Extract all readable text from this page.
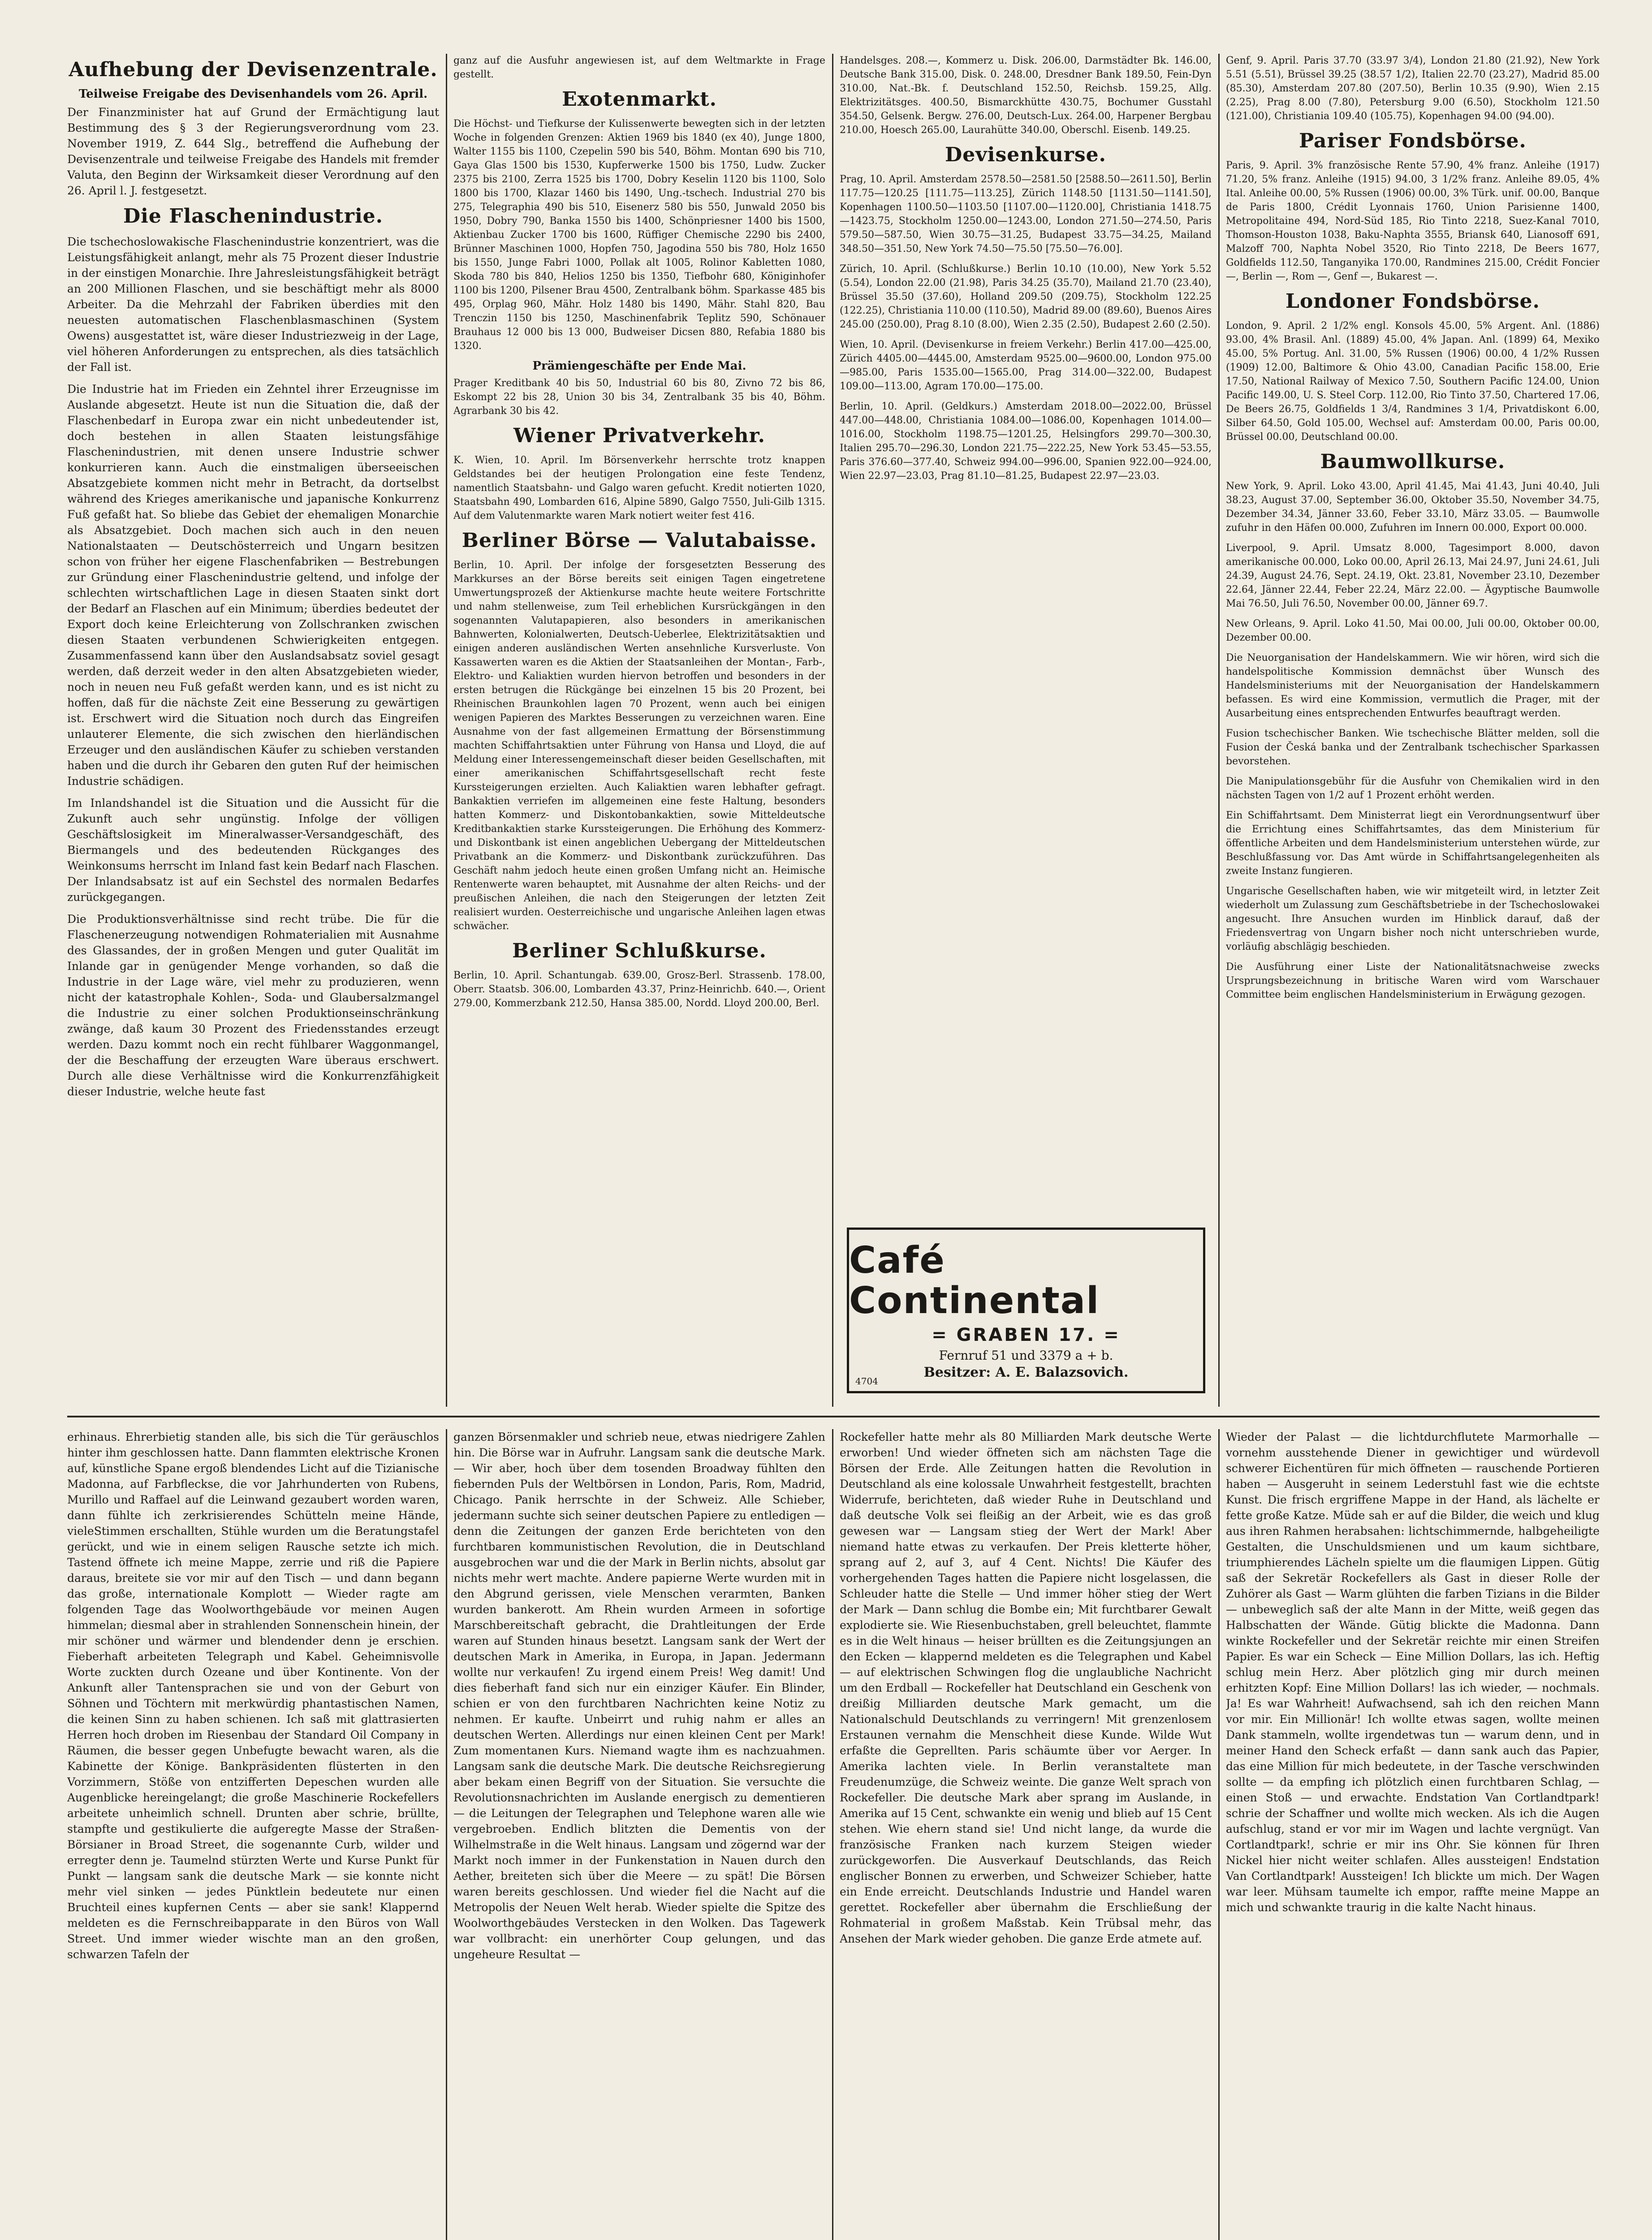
Aufhebung der Devisenzentrale.
Teilweise Freigabe des Devisenhandels vom 26. April.

Der Finanzminister hat auf Grund der Ermächtigung laut Bestimmung des § 3 der Regierungsverordnung vom 23. November 1919, Z. 644 Slg., betreffend die Aufhebung der Devisenzentrale und teilweise Freigabe des Handels mit fremder Valuta, den Beginn der Wirksamkeit dieser Verordnung auf den 26. April l. J. festgesetzt.

Die Flaschenindustrie.

Die tschechoslowakische Flaschenindustrie konzentriert, was die Leistungsfähigkeit anlangt, mehr als 75 Prozent dieser Industrie in der einstigen Monarchie. Ihre Jahresleistungsfähigkeit beträgt an 200 Millionen Flaschen, und sie beschäftigt mehr als 8000 Arbeiter. Da die Mehrzahl der Fabriken überdies mit den neuesten automatischen Flaschenblasmaschinen (System Owens) ausgestattet ist, wäre dieser Industriezweig in der Lage, viel höheren Anforderungen zu entsprechen, als dies tatsächlich der Fall ist.

Die Industrie hat im Frieden ein Zehntel ihrer Erzeugnisse im Auslande abgesetzt. Heute ist nun die Situation die, daß der Flaschenbedarf in Europa zwar ein nicht unbedeutender ist, doch bestehen in allen Staaten leistungsfähige Flaschenindustrien, mit denen unsere Industrie schwer konkurrieren kann. Auch die einstmaligen überseeischen Absatzgebiete kommen nicht mehr in Betracht, da dortselbst während des Krieges amerikanische und japanische Konkurrenz Fuß gefaßt hat. So bliebe das Gebiet der ehemaligen Monarchie als Absatzgebiet. Doch machen sich auch in den neuen Nationalstaaten — Deutschösterreich und Ungarn besitzen schon von früher her eigene Flaschenfabriken — Bestrebungen zur Gründung einer Flaschenindustrie geltend, und infolge der schlechten wirtschaftlichen Lage in diesen Staaten sinkt dort der Bedarf an Flaschen auf ein Minimum; überdies bedeutet der Export doch keine Erleichterung von Zollschranken zwischen diesen Staaten verbundenen Schwierigkeiten entgegen. Zusammenfassend kann über den Auslandsabsatz soviel gesagt werden, daß derzeit weder in den alten Absatzgebieten wieder, noch in neuen neu Fuß gefaßt werden kann, und es ist nicht zu hoffen, daß für die nächste Zeit eine Besserung zu gewärtigen ist. Erschwert wird die Situation noch durch das Eingreifen unlauterer Elemente, die sich zwischen den hierländischen Erzeuger und den ausländischen Käufer zu schieben verstanden haben und die durch ihr Gebaren den guten Ruf der heimischen Industrie schädigen.

Im Inlandshandel ist die Situation und die Aussicht für die Zukunft auch sehr ungünstig. Infolge der völligen Geschäftslosigkeit im Mineralwasser-Versandgeschäft, des Biermangels und des bedeutenden Rückganges des Weinkonsums herrscht im Inland fast kein Bedarf nach Flaschen. Der Inlandsabsatz ist auf ein Sechstel des normalen Bedarfes zurückgegangen.

Die Produktionsverhältnisse sind recht trübe. Die für die Flaschenerzeugung notwendigen Rohmaterialien mit Ausnahme des Glassandes, der in großen Mengen und guter Qualität im Inlande gar in genügender Menge vorhanden, so daß die Industrie in der Lage wäre, viel mehr zu produzieren, wenn nicht der katastrophale Kohlen-, Soda- und Glaubersalzmangel die Industrie zu einer solchen Produktionseinschränkung zwänge, daß kaum 30 Prozent des Friedensstandes erzeugt werden. Dazu kommt noch ein recht fühlbarer Waggonmangel, der die Beschaffung der erzeugten Ware überaus erschwert. Durch alle diese Verhältnisse wird die Konkurrenzfähigkeit dieser Industrie, welche heute fast

ganz auf die Ausfuhr angewiesen ist, auf dem Weltmarkte in Frage gestellt.

Exotenmarkt.

Die Höchst- und Tiefkurse der Kulissenwerte bewegten sich in der letzten Woche in folgenden Grenzen: Aktien 1969 bis 1840 (ex 40), Junge 1800, Walter 1155 bis 1100, Czepelin 590 bis 540, Böhm. Montan 690 bis 710, Gaya Glas 1500 bis 1530, Kupferwerke 1500 bis 1750, Ludw. Zucker 2375 bis 2100, Zerra 1525 bis 1700, Dobry Keselin 1120 bis 1100, Solo 1800 bis 1700, Klazar 1460 bis 1490, Ung.-tschech. Industrial 270 bis 275, Telegraphia 490 bis 510, Eisenerz 580 bis 550, Junwald 2050 bis 1950, Dobry 790, Banka 1550 bis 1400, Schönpriesner 1400 bis 1500, Aktienbau Zucker 1700 bis 1600, Rüffiger Chemische 2290 bis 2400, Brünner Maschinen 1000, Hopfen 750, Jagodina 550 bis 780, Holz 1650 bis 1550, Junge Fabri 1000, Pollak alt 1005, Rolinor Kabletten 1080, Skoda 780 bis 840, Helios 1250 bis 1350, Tiefbohr 680, Königinhofer 1100 bis 1200, Pilsener Brau 4500, Zentralbank böhm. Sparkasse 485 bis 495, Orplag 960, Mähr. Holz 1480 bis 1490, Mähr. Stahl 820, Bau Trenczin 1150 bis 1250, Maschinenfabrik Teplitz 590, Schönauer Brauhaus 12 000 bis 13 000, Budweiser Dicsen 880, Refabia 1880 bis 1320.

Prämiengeschäfte per Ende Mai.

Prager Kreditbank 40 bis 50, Industrial 60 bis 80, Zivno 72 bis 86, Eskompt 22 bis 28, Union 30 bis 34, Zentralbank 35 bis 40, Böhm. Agrarbank 30 bis 42.

Wiener Privatverkehr.

K. Wien, 10. April. Im Börsenverkehr herrschte trotz knappen Geldstandes bei der heutigen Prolongation eine feste Tendenz, namentlich Staatsbahn- und Galgo waren gefucht. Kredit notierten 1020, Staatsbahn 490, Lombarden 616, Alpine 5890, Galgo 7550, Juli-Gilb 1315. Auf dem Valutenmarkte waren Mark notiert weiter fest 416.

Berliner Börse — Valutabaisse.

Berlin, 10. April. Der infolge der forsgesetzten Besserung des Markkurses an der Börse bereits seit einigen Tagen eingetretene Umwertungsprozeß der Aktienkurse machte heute weitere Fortschritte und nahm stellenweise, zum Teil erheblichen Kursrückgängen in den sogenannten Valutapapieren, also besonders in amerikanischen Bahnwerten, Kolonialwerten, Deutsch-Ueberlee, Elektrizitätsaktien und einigen anderen ausländischen Werten ansehnliche Kursverluste. Von Kassawerten waren es die Aktien der Staatsanleihen der Montan-, Farb-, Elektro- und Kaliaktien wurden hiervon betroffen und besonders in der ersten betrugen die Rückgänge bei einzelnen 15 bis 20 Prozent, bei Rheinischen Braunkohlen lagen 70 Prozent, wenn auch bei einigen wenigen Papieren des Marktes Besserungen zu verzeichnen waren. Eine Ausnahme von der fast allgemeinen Ermattung der Börsenstimmung machten Schiffahrtsaktien unter Führung von Hansa und Lloyd, die auf Meldung einer Interessengemeinschaft dieser beiden Gesellschaften, mit einer amerikanischen Schiffahrtsgesellschaft recht feste Kurssteigerungen erzielten. Auch Kaliaktien waren lebhafter gefragt. Bankaktien verriefen im allgemeinen eine feste Haltung, besonders hatten Kommerz- und Diskontobankaktien, sowie Mitteldeutsche Kreditbankaktien starke Kurssteigerungen. Die Erhöhung des Kommerz- und Diskontbank ist einen angeblichen Uebergang der Mitteldeutschen Privatbank an die Kommerz- und Diskontbank zurückzuführen. Das Geschäft nahm jedoch heute einen großen Umfang nicht an. Heimische Rentenwerte waren behauptet, mit Ausnahme der alten Reichs- und der preußischen Anleihen, die nach den Steigerungen der letzten Zeit realisiert wurden. Oesterreichische und ungarische Anleihen lagen etwas schwächer.

Berliner Schlußkurse.

Berlin, 10. April. Schantungab. 639.00, Grosz-Berl. Strassenb. 178.00, Oberr. Staatsb. 306.00, Lombarden 43.37, Prinz-Heinrichb. 640.—, Orient 279.00, Kommerzbank 212.50, Hansa 385.00, Nordd. Lloyd 200.00, Berl.

Handelsges. 208.—, Kommerz u. Disk. 206.00, Darmstädter Bk. 146.00, Deutsche Bank 315.00, Disk. 0. 248.00, Dresdner Bank 189.50, Fein-Dyn 310.00, Nat.-Bk. f. Deutschland 152.50, Reichsb. 159.25, Allg. Elektrizitätsges. 400.50, Bismarckhütte 430.75, Bochumer Gusstahl 354.50, Gelsenk. Bergw. 276.00, Deutsch-Lux. 264.00, Harpener Bergbau 210.00, Hoesch 265.00, Laurahütte 340.00, Oberschl. Eisenb. 149.25.

Devisenkurse.

Prag, 10. April. Amsterdam 2578.50—2581.50 [2588.50—2611.50], Berlin 117.75—120.25 [111.75—113.25], Zürich 1148.50 [1131.50—1141.50], Kopenhagen 1100.50—1103.50 [1107.00—1120.00], Christiania 1418.75—1423.75, Stockholm 1250.00—1243.00, London 271.50—274.50, Paris 579.50—587.50, Wien 30.75—31.25, Budapest 33.75—34.25, Mailand 348.50—351.50, New York 74.50—75.50 [75.50—76.00].

Zürich, 10. April. (Schlußkurse.) Berlin 10.10 (10.00), New York 5.52 (5.54), London 22.00 (21.98), Paris 34.25 (35.70), Mailand 21.70 (23.40), Brüssel 35.50 (37.60), Holland 209.50 (209.75), Stockholm 122.25 (122.25), Christiania 110.00 (110.50), Madrid 89.00 (89.60), Buenos Aires 245.00 (250.00), Prag 8.10 (8.00), Wien 2.35 (2.50), Budapest 2.60 (2.50).

Wien, 10. April. (Devisenkurse in freiem Verkehr.) Berlin 417.00—425.00, Zürich 4405.00—4445.00, Amsterdam 9525.00—9600.00, London 975.00—985.00, Paris 1535.00—1565.00, Prag 314.00—322.00, Budapest 109.00—113.00, Agram 170.00—175.00.

Berlin, 10. April. (Geldkurs.) Amsterdam 2018.00—2022.00, Brüssel 447.00—448.00, Christiania 1084.00—1086.00, Kopenhagen 1014.00—1016.00, Stockholm 1198.75—1201.25, Helsingfors 299.70—300.30, Italien 295.70—296.30, London 221.75—222.25, New York 53.45—53.55, Paris 376.60—377.40, Schweiz 994.00—996.00, Spanien 922.00—924.00, Wien 22.97—23.03, Prag 81.10—81.25, Budapest 22.97—23.03.

Café Continental
= GRABEN 17. =
Fernruf 51 und 3379 a + b.
Besitzer: A. E. Balazsovich.
4704

Genf, 9. April. Paris 37.70 (33.97 3/4), London 21.80 (21.92), New York 5.51 (5.51), Brüssel 39.25 (38.57 1/2), Italien 22.70 (23.27), Madrid 85.00 (85.30), Amsterdam 207.80 (207.50), Berlin 10.35 (9.90), Wien 2.15 (2.25), Prag 8.00 (7.80), Petersburg 9.00 (6.50), Stockholm 121.50 (121.00), Christiania 109.40 (105.75), Kopenhagen 94.00 (94.00).

Pariser Fondsbörse.

Paris, 9. April. 3% französische Rente 57.90, 4% franz. Anleihe (1917) 71.20, 5% franz. Anleihe (1915) 94.00, 3 1/2% franz. Anleihe 89.05, 4% Ital. Anleihe 00.00, 5% Russen (1906) 00.00, 3% Türk. unif. 00.00, Banque de Paris 1800, Crédit Lyonnais 1760, Union Parisienne 1400, Metropolitaine 494, Nord-Süd 185, Rio Tinto 2218, Suez-Kanal 7010, Thomson-Houston 1038, Baku-Naphta 3555, Briansk 640, Lianosoff 691, Malzoff 700, Naphta Nobel 3520, Rio Tinto 2218, De Beers 1677, Goldfields 112.50, Tanganyika 170.00, Randmines 215.00, Crédit Foncier —, Berlin —, Rom —, Genf —, Bukarest —.

Londoner Fondsbörse.

London, 9. April. 2 1/2% engl. Konsols 45.00, 5% Argent. Anl. (1886) 93.00, 4% Brasil. Anl. (1889) 45.00, 4% Japan. Anl. (1899) 64, Mexiko 45.00, 5% Portug. Anl. 31.00, 5% Russen (1906) 00.00, 4 1/2% Russen (1909) 12.00, Baltimore & Ohio 43.00, Canadian Pacific 158.00, Erie 17.50, National Railway of Mexico 7.50, Southern Pacific 124.00, Union Pacific 149.00, U. S. Steel Corp. 112.00, Rio Tinto 37.50, Chartered 17.06, De Beers 26.75, Goldfields 1 3/4, Randmines 3 1/4, Privatdiskont 6.00, Silber 64.50, Gold 105.00, Wechsel auf: Amsterdam 00.00, Paris 00.00, Brüssel 00.00, Deutschland 00.00.

Baumwollkurse.

New York, 9. April. Loko 43.00, April 41.45, Mai 41.43, Juni 40.40, Juli 38.23, August 37.00, September 36.00, Oktober 35.50, November 34.75, Dezember 34.34, Jänner 33.60, Feber 33.10, März 33.05. — Baumwolle zufuhr in den Häfen 00.000, Zufuhren im Innern 00.000, Export 00.000.

Liverpool, 9. April. Umsatz 8.000, Tagesimport 8.000, davon amerikanische 00.000, Loko 00.00, April 26.13, Mai 24.97, Juni 24.61, Juli 24.39, August 24.76, Sept. 24.19, Okt. 23.81, November 23.10, Dezember 22.64, Jänner 22.44, Feber 22.24, März 22.00. — Ägyptische Baumwolle Mai 76.50, Juli 76.50, November 00.00, Jänner 69.7.

New Orleans, 9. April. Loko 41.50, Mai 00.00, Juli 00.00, Oktober 00.00, Dezember 00.00.

Die Neuorganisation der Handelskammern. Wie wir hören, wird sich die handelspolitische Kommission demnächst über Wunsch des Handelsministeriums mit der Neuorganisation der Handelskammern befassen. Es wird eine Kommission, vermutlich die Prager, mit der Ausarbeitung eines entsprechenden Entwurfes beauftragt werden.

Fusion tschechischer Banken. Wie tschechische Blätter melden, soll die Fusion der Česká banka und der Zentralbank tschechischer Sparkassen bevorstehen.

Die Manipulationsgebühr für die Ausfuhr von Chemikalien wird in den nächsten Tagen von 1/2 auf 1 Prozent erhöht werden.

Ein Schiffahrtsamt. Dem Ministerrat liegt ein Verordnungsentwurf über die Errichtung eines Schiffahrtsamtes, das dem Ministerium für öffentliche Arbeiten und dem Handelsministerium unterstehen würde, zur Beschlußfassung vor. Das Amt würde in Schiffahrtsangelegenheiten als zweite Instanz fungieren.

Ungarische Gesellschaften haben, wie wir mitgeteilt wird, in letzter Zeit wiederholt um Zulassung zum Geschäftsbetriebe in der Tschechoslowakei angesucht. Ihre Ansuchen wurden im Hinblick darauf, daß der Friedensvertrag von Ungarn bisher noch nicht unterschrieben wurde, vorläufig abschlägig beschieden.

Die Ausführung einer Liste der Nationalitätsnachweise zwecks Ursprungsbezeichnung in britische Waren wird vom Warschauer Committee beim englischen Handelsministerium in Erwägung gezogen.

erhinaus. Ehrerbietig standen alle, bis sich die Tür geräuschlos hinter ihm geschlossen hatte. Dann flammten elektrische Kronen auf, künstliche Spane ergoß blendendes Licht auf die Tizianische Madonna, auf Farbfleckse, die vor Jahrhunderten von Rubens, Murillo und Raffael auf die Leinwand gezaubert worden waren, dann fühlte ich zerkrisierendes Schütteln meine Hände, vieleStimmen erschallten, Stühle wurden um die Beratungstafel gerückt, und wie in einem seligen Rausche setzte ich mich. Tastend öffnete ich meine Mappe, zerrie und riß die Papiere daraus, breitete sie vor mir auf den Tisch — und dann begann das große, internationale Komplott — Wieder ragte am folgenden Tage das Woolworthgebäude vor meinen Augen himmelan; diesmal aber in strahlenden Sonnenschein hinein, der mir schöner und wärmer und blendender denn je erschien. Fieberhaft arbeiteten Telegraph und Kabel. Geheimnisvolle Worte zuckten durch Ozeane und über Kontinente. Von der Ankunft aller Tantensprachen sie und von der Geburt von Söhnen und Töchtern mit merkwürdig phantastischen Namen, die keinen Sinn zu haben schienen. Ich saß mit glattrasierten Herren hoch droben im Riesenbau der Standard Oil Company in Räumen, die besser gegen Unbefugte bewacht waren, als die Kabinette der Könige. Bankpräsidenten flüsterten in den Vorzimmern, Stöße von entzifferten Depeschen wurden alle Augenblicke hereingelangt; die große Maschinerie Rockefellers arbeitete unheimlich schnell. Drunten aber schrie, brüllte, stampfte und gestikulierte die aufgeregte Masse der Straßen-Börsianer in Broad Street, die sogenannte Curb, wilder und erregter denn je. Taumelnd stürzten Werte und Kurse Punkt für Punkt — langsam sank die deutsche Mark — sie konnte nicht mehr viel sinken — jedes Pünktlein bedeutete nur einen Bruchteil eines kupfernen Cents — aber sie sank! Klappernd meldeten es die Fernschreibapparate in den Büros von Wall Street. Und immer wieder wischte man an den großen, schwarzen Tafeln der

ganzen Börsenmakler und schrieb neue, etwas niedrigere Zahlen hin. Die Börse war in Aufruhr. Langsam sank die deutsche Mark. — Wir aber, hoch über dem tosenden Broadway fühlten den fiebernden Puls der Weltbörsen in London, Paris, Rom, Madrid, Chicago. Panik herrschte in der Schweiz. Alle Schieber, jedermann suchte sich seiner deutschen Papiere zu entledigen — denn die Zeitungen der ganzen Erde berichteten von den furchtbaren kommunistischen Revolution, die in Deutschland ausgebrochen war und die der Mark in Berlin nichts, absolut gar nichts mehr wert machte. Andere papierne Werte wurden mit in den Abgrund gerissen, viele Menschen verarmten, Banken wurden bankerott. Am Rhein wurden Armeen in sofortige Marschbereitschaft gebracht, die Drahtleitungen der Erde waren auf Stunden hinaus besetzt. Langsam sank der Wert der deutschen Mark in Amerika, in Europa, in Japan. Jedermann wollte nur verkaufen! Zu irgend einem Preis! Weg damit! Und dies fieberhaft fand sich nur ein einziger Käufer. Ein Blinder, schien er von den furchtbaren Nachrichten keine Notiz zu nehmen. Er kaufte. Unbeirrt und ruhig nahm er alles an deutschen Werten. Allerdings nur einen kleinen Cent per Mark! Zum momentanen Kurs. Niemand wagte ihm es nachzuahmen. Langsam sank die deutsche Mark. Die deutsche Reichsregierung aber bekam einen Begriff von der Situation. Sie versuchte die Revolutionsnachrichten im Auslande energisch zu dementieren — die Leitungen der Telegraphen und Telephone waren alle wie vergebroeben. Endlich blitzten die Dementis von der Wilhelmstraße in die Welt hinaus. Langsam und zögernd war der Markt noch immer in der Funkenstation in Nauen durch den Aether, breiteten sich über die Meere — zu spät! Die Börsen waren bereits geschlossen. Und wieder fiel die Nacht auf die Metropolis der Neuen Welt herab. Wieder spielte die Spitze des Woolworthgebäudes Verstecken in den Wolken. Das Tagewerk war vollbracht: ein unerhörter Coup gelungen, und das ungeheure Resultat —

Rockefeller hatte mehr als 80 Milliarden Mark deutsche Werte erworben! Und wieder öffneten sich am nächsten Tage die Börsen der Erde. Alle Zeitungen hatten die Revolution in Deutschland als eine kolossale Unwahrheit festgestellt, brachten Widerrufe, berichteten, daß wieder Ruhe in Deutschland und daß deutsche Volk sei fleißig an der Arbeit, wie es das groß gewesen war — Langsam stieg der Wert der Mark! Aber niemand hatte etwas zu verkaufen. Der Preis kletterte höher, sprang auf 2, auf 3, auf 4 Cent. Nichts! Die Käufer des vorhergehenden Tages hatten die Papiere nicht losgelassen, die Schleuder hatte die Stelle — Und immer höher stieg der Wert der Mark — Dann schlug die Bombe ein; Mit furchtbarer Gewalt explodierte sie. Wie Riesenbuchstaben, grell beleuchtet, flammte es in die Welt hinaus — heiser brüllten es die Zeitungsjungen an den Ecken — klappernd meldeten es die Telegraphen und Kabel — auf elektrischen Schwingen flog die unglaubliche Nachricht um den Erdball — Rockefeller hat Deutschland ein Geschenk von dreißig Milliarden deutsche Mark gemacht, um die Nationalschuld Deutschlands zu verringern! Mit grenzenlosem Erstaunen vernahm die Menschheit diese Kunde. Wilde Wut erfaßte die Geprellten. Paris schäumte über vor Aerger. In Amerika lachten viele. In Berlin veranstaltete man Freudenumzüge, die Schweiz weinte. Die ganze Welt sprach von Rockefeller. Die deutsche Mark aber sprang im Auslande, in Amerika auf 15 Cent, schwankte ein wenig und blieb auf 15 Cent stehen. Wie ehern stand sie! Und nicht lange, da wurde die französische Franken nach kurzem Steigen wieder zurückgeworfen. Die Ausverkauf Deutschlands, das Reich englischer Bonnen zu erwerben, und Schweizer Schieber, hatte ein Ende erreicht. Deutschlands Industrie und Handel waren gerettet. Rockefeller aber übernahm die Erschließung der Rohmaterial in großem Maßstab. Kein Trübsal mehr, das Ansehen der Mark wieder gehoben. Die ganze Erde atmete auf.

Wieder der Palast — die lichtdurchflutete Marmorhalle — vornehm ausstehende Diener in gewichtiger und würdevoll schwerer Eichentüren für mich öffneten — rauschende Portieren haben — Ausgeruht in seinem Lederstuhl fast wie die echtste Kunst. Die frisch ergriffene Mappe in der Hand, als lächelte er fette große Katze. Müde sah er auf die Bilder, die weich und klug aus ihren Rahmen herabsahen: lichtschimmernde, halbgeheiligte Gestalten, die Unschuldsmienen und um kaum sichtbare, triumphierendes Lächeln spielte um die flaumigen Lippen. Gütig saß der Sekretär Rockefellers als Gast in dieser Rolle der Zuhörer als Gast — Warm glühten die farben Tizians in die Bilder — unbeweglich saß der alte Mann in der Mitte, weiß gegen das Halbschatten der Wände. Gütig blickte die Madonna. Dann winkte Rockefeller und der Sekretär reichte mir einen Streifen Papier. Es war ein Scheck — Eine Million Dollars, las ich. Heftig schlug mein Herz. Aber plötzlich ging mir durch meinen erhitzten Kopf: Eine Million Dollars! las ich wieder, — nochmals. Ja! Es war Wahrheit! Aufwachsend, sah ich den reichen Mann vor mir. Ein Millionär! Ich wollte etwas sagen, wollte meinen Dank stammeln, wollte irgendetwas tun — warum denn, und in meiner Hand den Scheck erfaßt — dann sank auch das Papier, das eine Million für mich bedeutete, in der Tasche verschwinden sollte — da empfing ich plötzlich einen furchtbaren Schlag, — einen Stoß — und erwachte. Endstation Van Cortlandtpark! schrie der Schaffner und wollte mich wecken. Als ich die Augen aufschlug, stand er vor mir im Wagen und lachte vergnügt. Van Cortlandtpark!, schrie er mir ins Ohr. Sie können für Ihren Nickel hier nicht weiter schlafen. Alles aussteigen! Endstation Van Cortlandtpark! Aussteigen! Ich blickte um mich. Der Wagen war leer. Mühsam taumelte ich empor, raffte meine Mappe an mich und schwankte traurig in die kalte Nacht hinaus.
